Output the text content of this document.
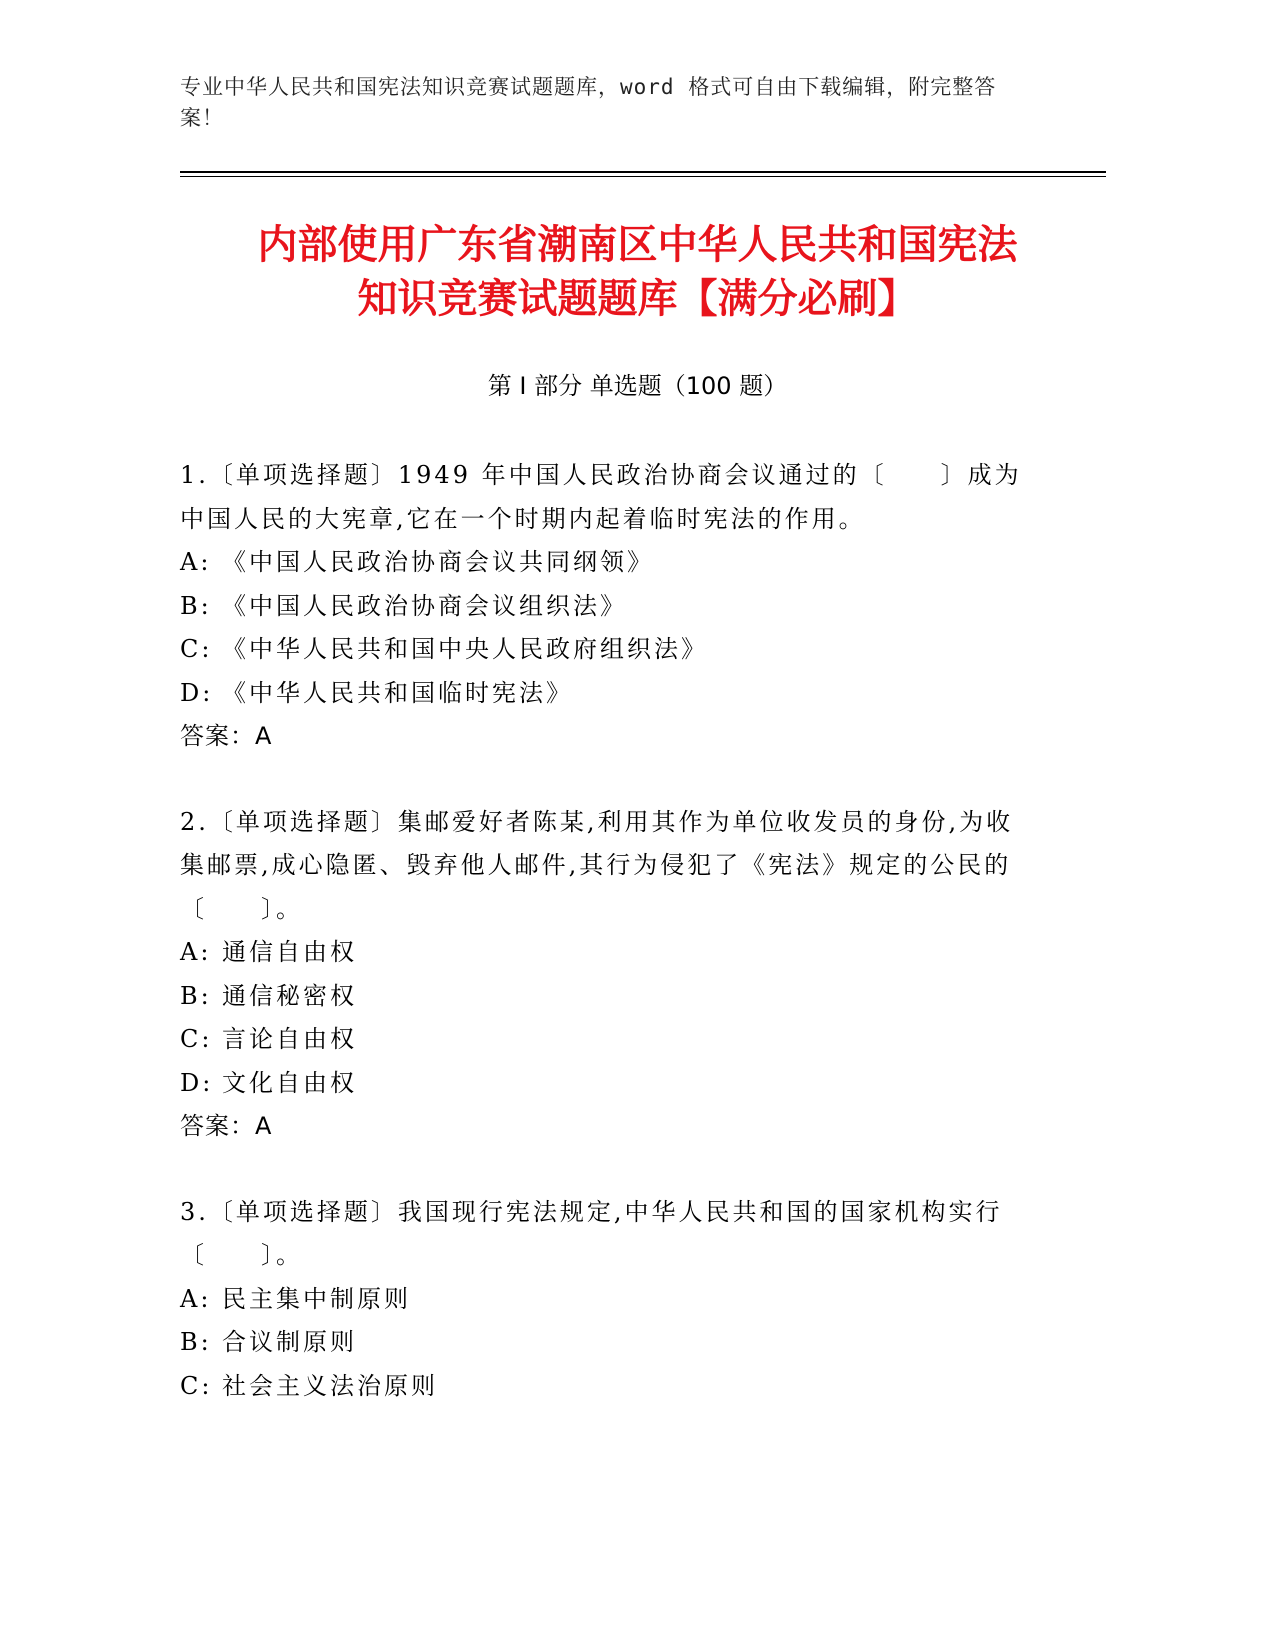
专业中华人民共和国宪法知识竞赛试题题库，word 格式可自由下载编辑，附完整答案！
内部使用广东省潮南区中华人民共和国宪法
知识竞赛试题题库【满分必刷】
第 I 部分 单选题（100 题）

1.〔单项选择题〕1949 年中国人民政治协商会议通过的〔　　〕成为中国人民的大宪章,它在一个时期内起着临时宪法的作用。

A: 《中国人民政治协商会议共同纲领》

B: 《中国人民政治协商会议组织法》

C: 《中华人民共和国中央人民政府组织法》

D: 《中华人民共和国临时宪法》

答案：A

2.〔单项选择题〕集邮爱好者陈某,利用其作为单位收发员的身份,为收集邮票,成心隐匿、毁弃他人邮件,其行为侵犯了《宪法》规定的公民的〔　　〕。

A: 通信自由权

B: 通信秘密权

C: 言论自由权

D: 文化自由权

答案：A

3.〔单项选择题〕我国现行宪法规定,中华人民共和国的国家机构实行〔　　〕。

A: 民主集中制原则

B: 合议制原则

C: 社会主义法治原则
